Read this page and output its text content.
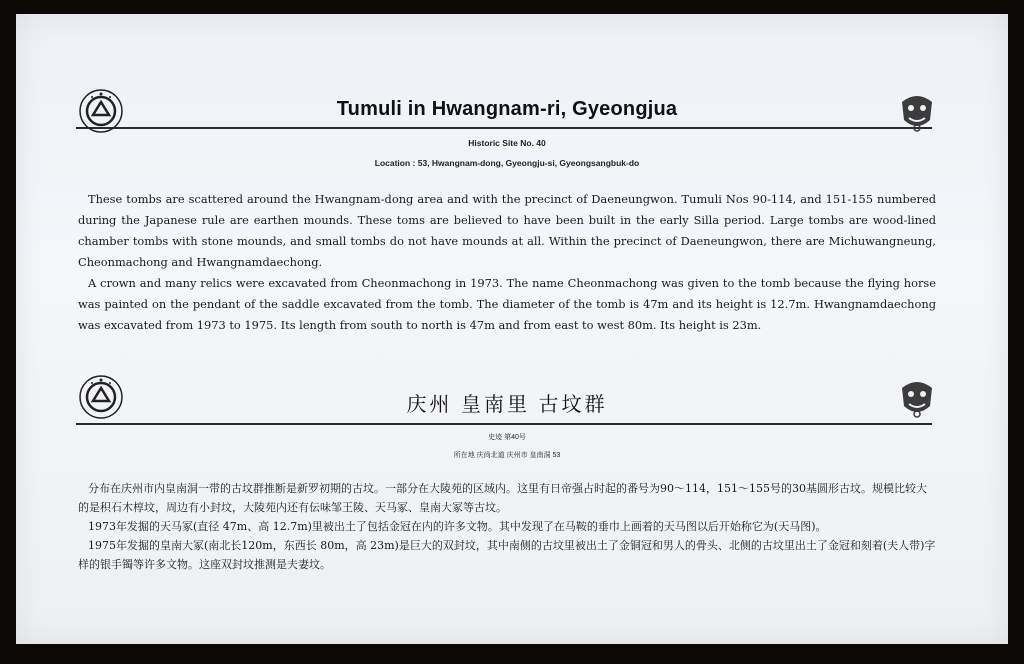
Tumuli in Hwangnam-ri, Gyeongjua
Historic Site No. 40
Location : 53, Hwangnam-dong, Gyeongju-si, Gyeongsangbuk-do

These tombs are scattered around the Hwangnam-dong area and with the precinct of Daeneungwon. Tumuli Nos 90-114, and 151-155 numbered during the Japanese rule are earthen mounds. These toms are believed to have been built in the early Silla period. Large tombs are wood-lined chamber tombs with stone mounds, and small tombs do not have mounds at all. Within the precinct of Daeneungwon, there are Michuwangneung, Cheonmachong and Hwangnamdaechong.

A crown and many relics were excavated from Cheonmachong in 1973. The name Cheonmachong was given to the tomb because the flying horse was painted on the pendant of the saddle excavated from the tomb. The diameter of the tomb is 47m and its height is 12.7m. Hwangnamdaechong was excavated from 1973 to 1975. Its length from south to north is 47m and from east to west 80m. Its height is 23m.

庆州 皇南里 古坟群
史迹 第40号
所在地 庆尚北道 庆州市 皇南洞 53

分布在庆州市内皇南洞一带的古坟群推断是新罗初期的古坟。一部分在大陵苑的区域内。这里有日帝强占时起的番号为90～114，151～155号的30基圆形古坟。规模比较大的是积石木椁坟，周边有小封坟，大陵苑内还有伝味邹王陵、天马冢、皇南大冢等古坟。

1973年发掘的天马冢(直径 47m、高 12.7m)里被出土了包括金冠在内的许多文物。其中发现了在马鞍的垂巾上画着的天马图以后开始称它为(天马图)。

1975年发掘的皇南大冢(南北长120m，东西长 80m，高 23m)是巨大的双封坟，其中南侧的古坟里被出土了金铜冠和男人的骨头、北侧的古坟里出土了金冠和刻着(夫人带)字样的银手镯等许多文物。这座双封坟推测是夫妻坟。
